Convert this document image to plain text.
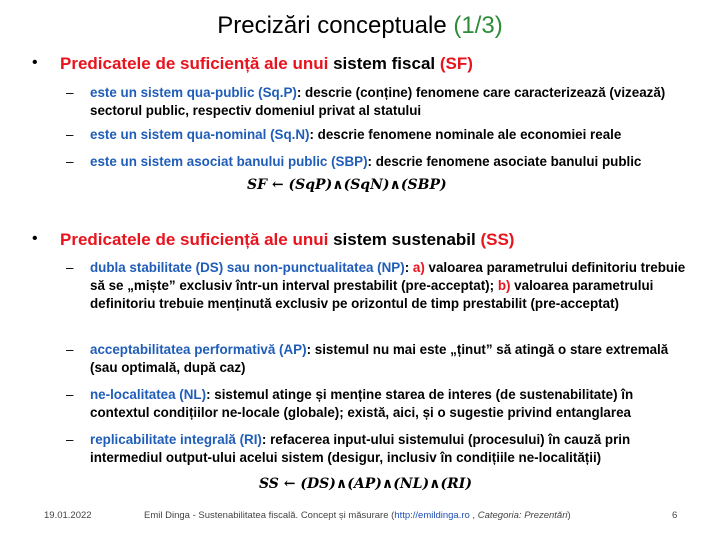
Precizări conceptuale (1/3)
• Predicatele de suficiență ale unui sistem fiscal (SF)
– este un sistem qua-public (Sq.P): descrie (conține) fenomene care caracterizează (vizează) sectorul public, respectiv domeniul privat al statului
– este un sistem qua-nominal (Sq.N): descrie fenomene nominale ale economiei reale
– este un sistem asociat banului public (SBP): descrie fenomene asociate banului public
SF ← (SqP)∧(SqN)∧(SBP)
• Predicatele de suficiență ale unui sistem sustenabil (SS)
– dubla stabilitate (DS) sau non-punctualitatea (NP): a) valoarea parametrului definitoriu trebuie să se „miște” exclusiv într-un interval prestabilit (pre-acceptat); b) valoarea parametrului definitoriu trebuie menținută exclusiv pe orizontul de timp prestabilit (pre-acceptat)
– acceptabilitatea performativă (AP): sistemul nu mai este „ținut” să atingă o stare extremală (sau optimală, după caz)
– ne-localitatea (NL): sistemul atinge și menține starea de interes (de sustenabilitate) în contextul condițiilor ne-locale (globale); există, aici, și o sugestie privind entanglarea
– replicabilitate integrală (RI): refacerea input-ului sistemului (procesului) în cauză prin intermediul output-ului acelui sistem (desigur, inclusiv în condițiile ne-localității)
SS ← (DS)∧(AP)∧(NL)∧(RI)
19.01.2022	Emil Dinga - Sustenabilitatea fiscală. Concept și măsurare (http://emildinga.ro , Categoria: Prezentări)	6
